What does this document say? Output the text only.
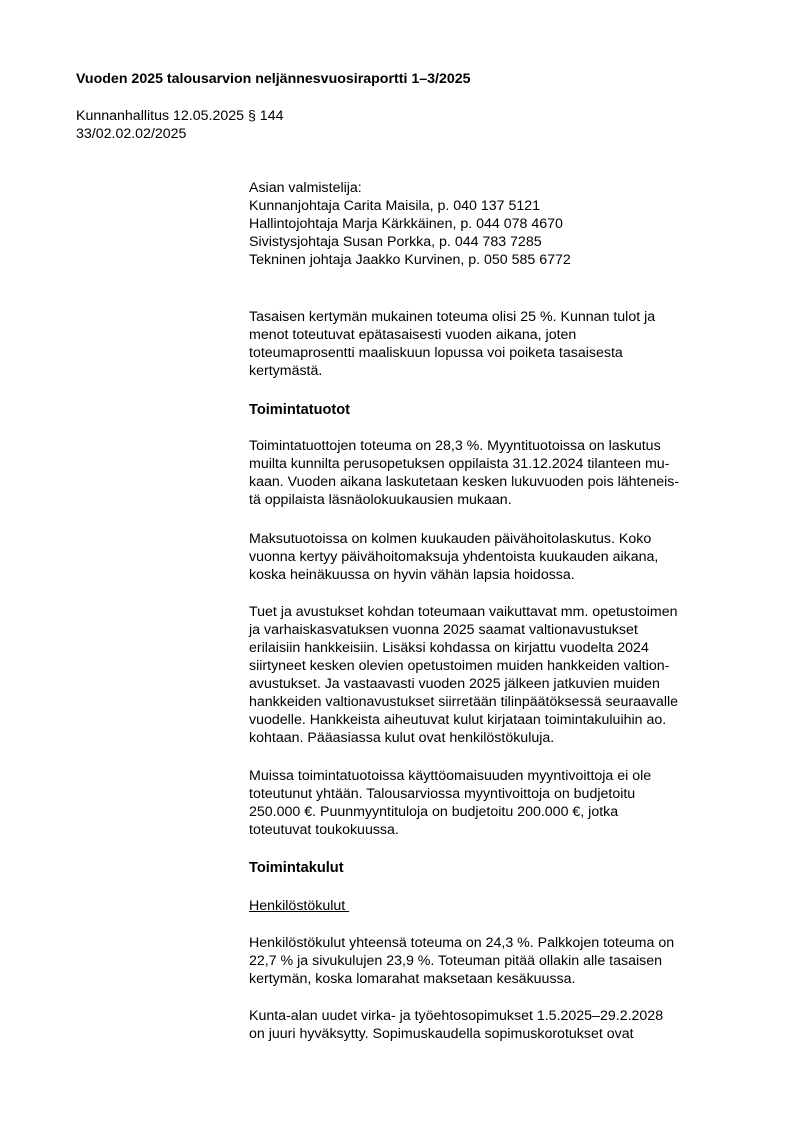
Vuoden 2025 talousarvion neljännesvuosiraportti 1–3/2025
Kunnanhallitus 12.05.2025 § 144
33/02.02.02/2025
Asian valmistelija:
Kunnanjohtaja Carita Maisila, p. 040 137 5121
Hallintojohtaja Marja Kärkkäinen, p. 044 078 4670
Sivistysjohtaja Susan Porkka, p. 044 783 7285
Tekninen johtaja Jaakko Kurvinen, p. 050 585 6772
Tasaisen kertymän mukainen toteuma olisi 25 %. Kunnan tulot ja
menot toteutuvat epätasaisesti vuoden aikana, joten
toteumaprosentti maaliskuun lopussa voi poiketa tasaisesta
kertymästä.
Toimintatuotot
Toimintatuottojen toteuma on 28,3 %. Myyntituotoissa on laskutus
muilta kunnilta perusopetuksen oppilaista 31.12.2024 tilanteen mu-
kaan. Vuoden aikana laskutetaan kesken lukuvuoden pois lähteneis-
tä oppilaista läsnäolokuukausien mukaan.
Maksutuotoissa on kolmen kuukauden päivähoitolaskutus. Koko
vuonna kertyy päivähoitomaksuja yhdentoista kuukauden aikana,
koska heinäkuussa on hyvin vähän lapsia hoidossa.
Tuet ja avustukset kohdan toteumaan vaikuttavat mm. opetustoimen
ja varhaiskasvatuksen vuonna 2025 saamat valtionavustukset
erilaisiin hankkeisiin. Lisäksi kohdassa on kirjattu vuodelta 2024
siirtyneet kesken olevien opetustoimen muiden hankkeiden valtion-
avustukset. Ja vastaavasti vuoden 2025 jälkeen jatkuvien muiden
hankkeiden valtionavustukset siirretään tilinpäätöksessä seuraavalle
vuodelle. Hankkeista aiheutuvat kulut kirjataan toimintakuluihin ao.
kohtaan. Pääasiassa kulut ovat henkilöstökuluja.
Muissa toimintatuotoissa käyttöomaisuuden myyntivoittoja ei ole
toteutunut yhtään. Talousarviossa myyntivoittoja on budjetoitu
250.000 €. Puunmyyntituloja on budjetoitu 200.000 €, jotka
toteutuvat toukokuussa.
Toimintakulut
Henkilöstökulut
Henkilöstökulut yhteensä toteuma on 24,3 %. Palkkojen toteuma on
22,7 % ja sivukulujen 23,9 %. Toteuman pitää ollakin alle tasaisen
kertymän, koska lomarahat maksetaan kesäkuussa.
Kunta-alan uudet virka- ja työehtosopimukset 1.5.2025–29.2.2028
on juuri hyväksytty. Sopimuskaudella sopimuskorotukset ovat
